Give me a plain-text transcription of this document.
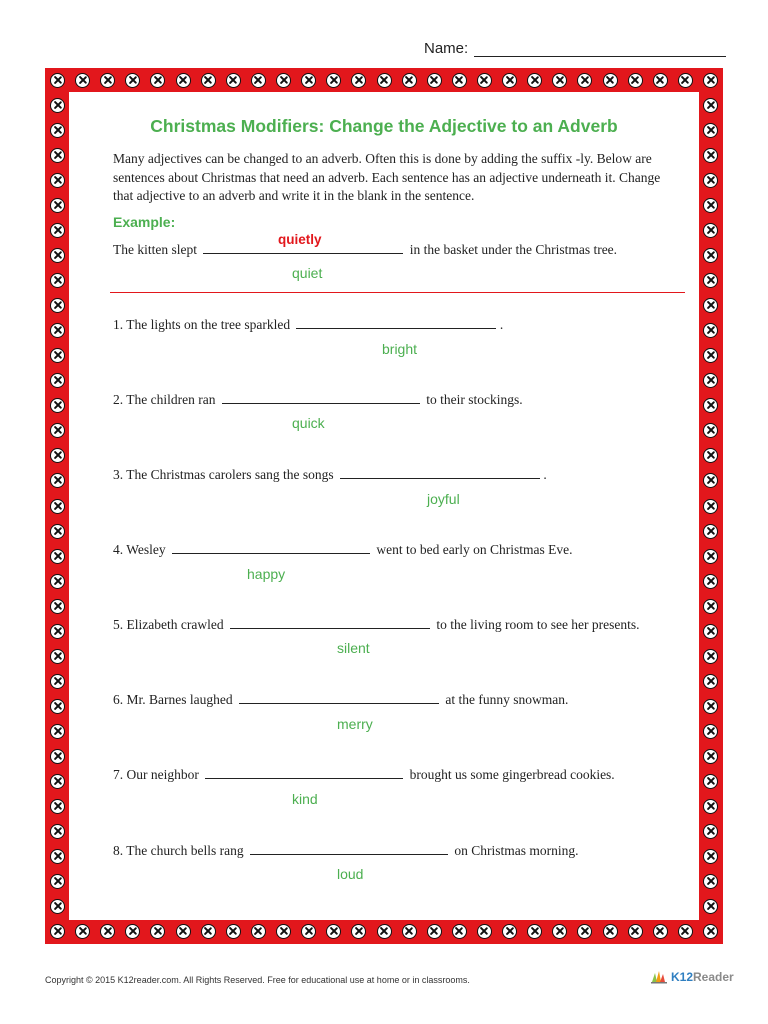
Name:
Christmas Modifiers: Change the Adjective to an Adverb
Many adjectives can be changed to an adverb. Often this is done by adding the suffix -ly. Below are sentences about Christmas that need an adverb. Each sentence has an adjective underneath it. Change that adjective to an adverb and write it in the blank in the sentence.
Example:
The kitten slept	in the basket under the Christmas tree.
quietly
quiet
1. The lights on the tree sparkled	.
bright
2. The children ran	to their stockings.
quick
3. The Christmas carolers sang the songs	.
joyful
4. Wesley	went to bed early on Christmas Eve.
happy
5. Elizabeth crawled	to the living room to see her presents.
silent
6. Mr. Barnes laughed	at the funny snowman.
merry
7. Our neighbor	brought us some gingerbread cookies.
kind
8. The church bells rang	on Christmas morning.
loud
Copyright © 2015 K12reader.com. All Rights Reserved. Free for educational use at home or in classrooms.	K12Reader
